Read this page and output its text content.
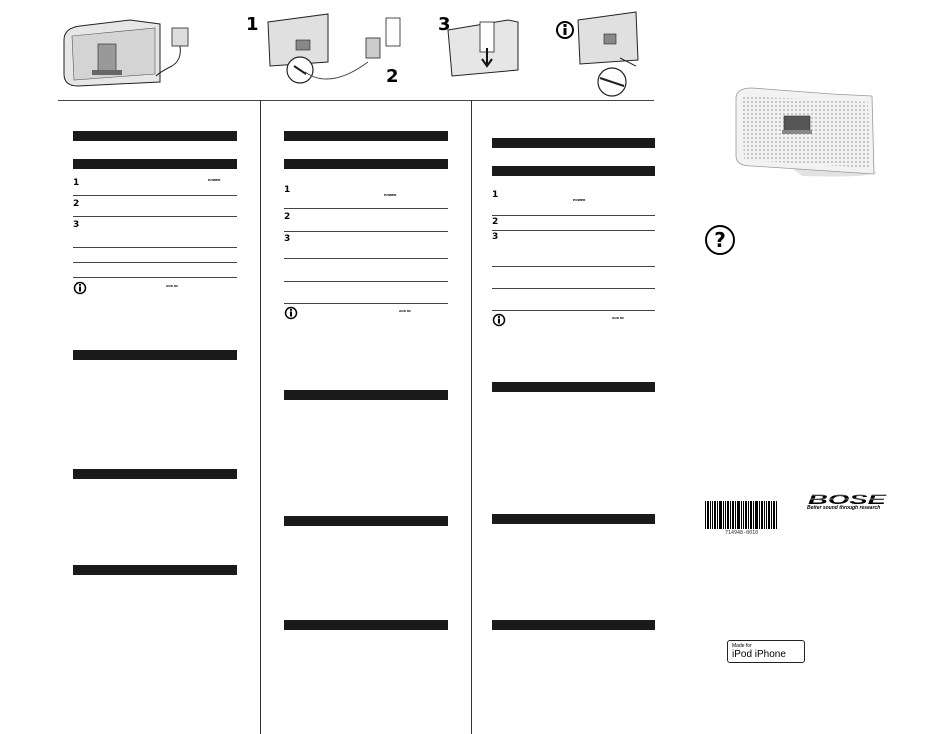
1
2
3
1	POWER
2
3
AUX IN
1	POWER
2
3
AUX IN
1	POWER
2
3
AUX IN
?
714948-0010
BOSE
Better sound through research
Made for
iPod iPhone
